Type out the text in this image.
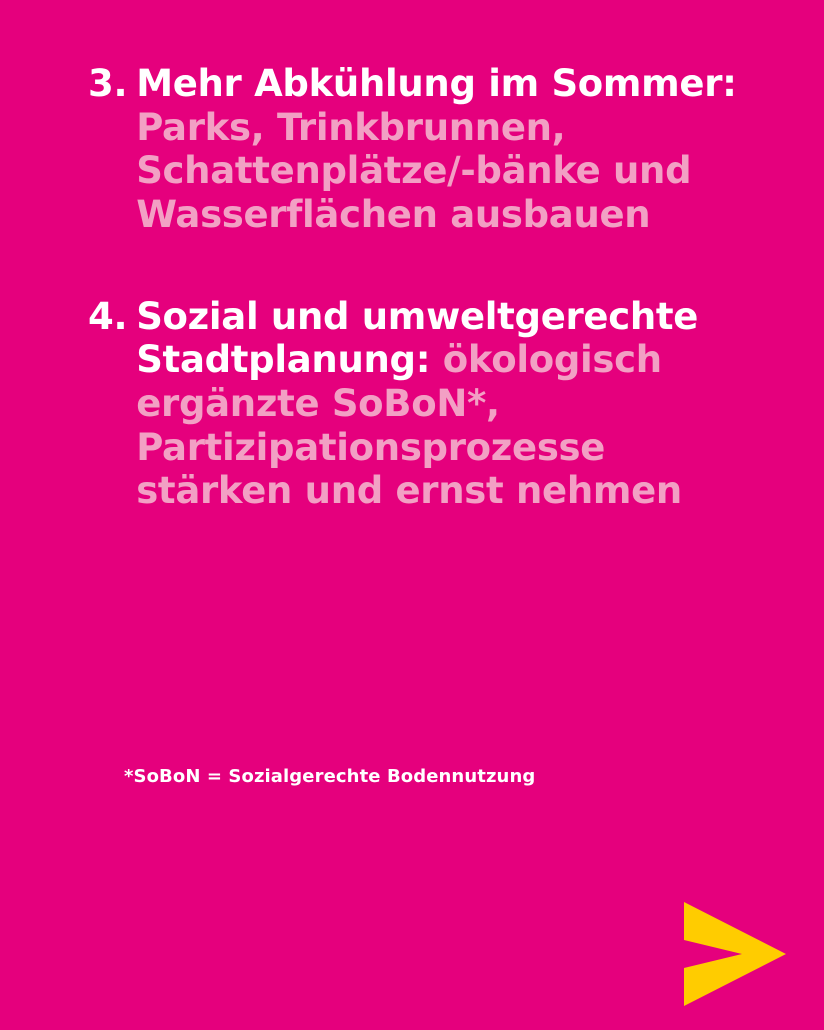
3. Mehr Abkühlung im Sommer: Parks, Trinkbrunnen, Schattenplätze/-bänke und Wasserflächen ausbauen
4. Sozial und umweltgerechte Stadtplanung: ökologisch ergänzte SoBoN*, Partizipationsprozesse stärken und ernst nehmen
*SoBoN = Sozialgerechte Bodennutzung
